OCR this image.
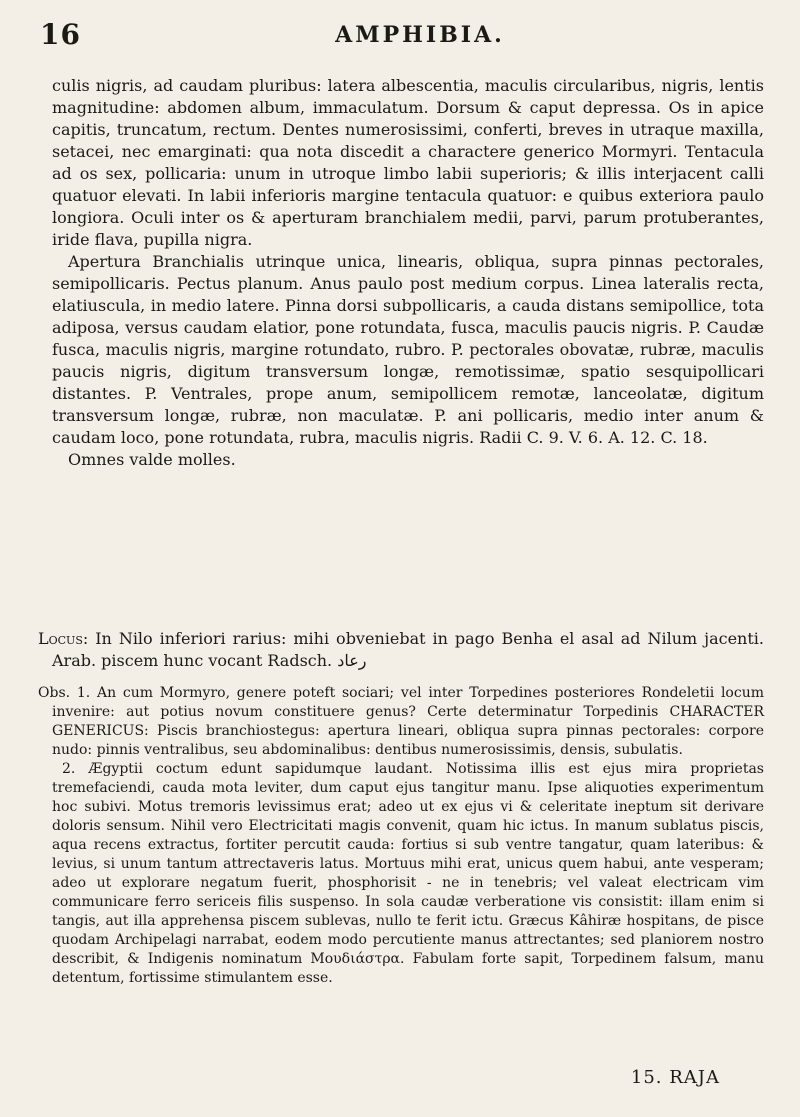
16	AMPHIBIA.

culis nigris, ad caudam pluribus: latera albescentia, maculis circularibus, nigris, lentis magnitudine: abdomen album, immaculatum. Dorsum & caput depressa. Os in apice capitis, truncatum, rectum. Dentes numerosissimi, conferti, breves in utraque maxilla, setacei, nec emarginati: qua nota discedit a charactere generico Mormyri. Tentacula ad os sex, pollicaria: unum in utroque limbo labii superioris; & illis interjacent calli quatuor elevati. In labii inferioris margine tentacula quatuor: e quibus exteriora paulo longiora. Oculi inter os & aperturam branchialem medii, parvi, parum protuberantes, iride flava, pupilla nigra.

Apertura Branchialis utrinque unica, linearis, obliqua, supra pinnas pectorales, semipollicaris. Pectus planum. Anus paulo post medium corpus. Linea lateralis recta, elatiuscula, in medio latere. Pinna dorsi subpollicaris, a cauda distans semipollice, tota adiposa, versus caudam elatior, pone rotundata, fusca, maculis paucis nigris. P. Caudæ fusca, maculis nigris, margine rotundato, rubro. P. pectorales obovatæ, rubræ, maculis paucis nigris, digitum transversum longæ, remotissimæ, spatio sesquipollicari distantes. P. Ventrales, prope anum, semipollicem remotæ, lanceolatæ, digitum transversum longæ, rubræ, non maculatæ. P. ani pollicaris, medio inter anum & caudam loco, pone rotundata, rubra, maculis nigris. Radii C. 9. V. 6. A. 12. C. 18.

Omnes valde molles.

Locus: In Nilo inferiori rarius: mihi obveniebat in pago Benha el asal ad Nilum jacenti. Arab. piscem hunc vocant Radsch. رعاد

Obs. 1. An cum Mormyro, genere poteft sociari; vel inter Torpedines posteriores Rondeletii locum invenire: aut potius novum constituere genus? Certe determinatur Torpedinis CHARACTER GENERICUS: Piscis branchiostegus: apertura lineari, obliqua supra pinnas pectorales: corpore nudo: pinnis ventralibus, seu abdominalibus: dentibus numerosissimis, densis, subulatis.

2. Ægyptii coctum edunt sapidumque laudant. Notissima illis est ejus mira proprietas tremefaciendi, cauda mota leviter, dum caput ejus tangitur manu. Ipse aliquoties experimentum hoc subivi. Motus tremoris levissimus erat; adeo ut ex ejus vi & celeritate ineptum sit derivare doloris sensum. Nihil vero Electricitati magis convenit, quam hic ictus. In manum sublatus piscis, aqua recens extractus, fortiter percutit cauda: fortius si sub ventre tangatur, quam lateribus: & levius, si unum tantum attrectaveris latus. Mortuus mihi erat, unicus quem habui, ante vesperam; adeo ut explorare negatum fuerit, phosphorisit - ne in tenebris; vel valeat electricam vim communicare ferro sericeis filis suspenso. In sola caudæ verberatione vis consistit: illam enim si tangis, aut illa apprehensa piscem sublevas, nullo te ferit ictu. Græcus Kâhiræ hospitans, de pisce quodam Archipelagi narrabat, eodem modo percutiente manus attrectantes; sed planiorem nostro describit, & Indigenis nominatum Μουδιάστρα. Fabulam forte sapit, Torpedinem falsum, manu detentum, fortissime stimulantem esse.

15. RAJA
